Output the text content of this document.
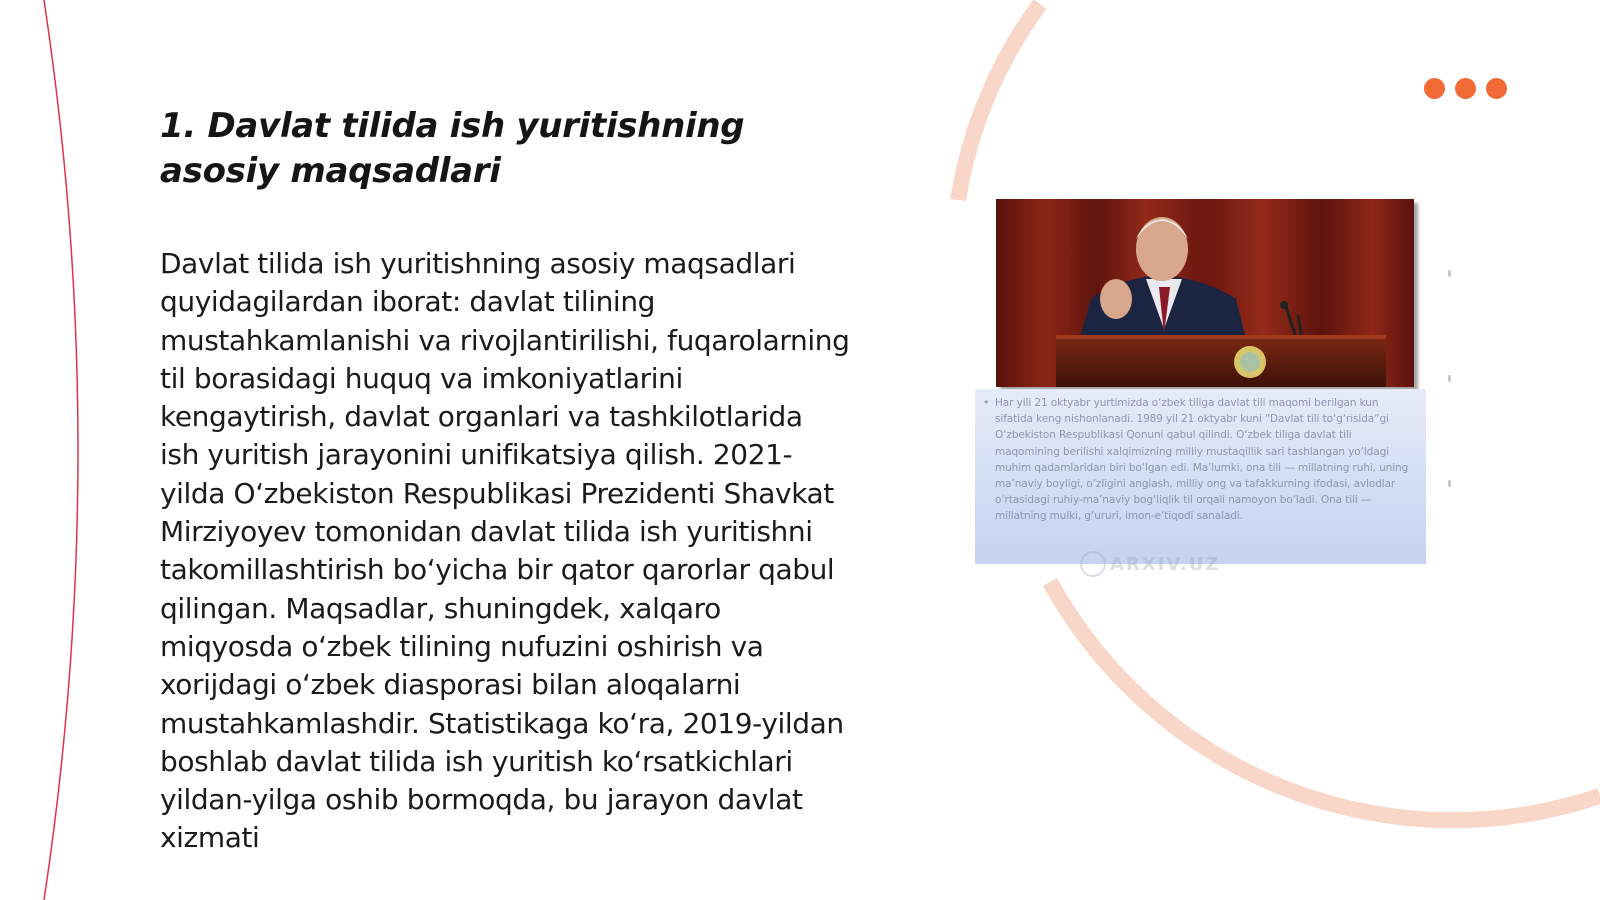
1. Davlat tilida ish yuritishning asosiy maqsadlari

Davlat tilida ish yuritishning asosiy maqsadlari quyidagilardan iborat: davlat tilining mustahkamlanishi va rivojlantirilishi, fuqarolarning til borasidagi huquq va imkoniyatlarini kengaytirish, davlat organlari va tashkilotlarida ish yuritish jarayonini unifikatsiya qilish. 2021-yilda O‘zbekiston Respublikasi Prezidenti Shavkat Mirziyoyev tomonidan davlat tilida ish yuritishni takomillashtirish bo‘yicha bir qator qarorlar qabul qilingan. Maqsadlar, shuningdek, xalqaro miqyosda o‘zbek tilining nufuzini oshirish va xorijdagi o‘zbek diasporasi bilan aloqalarni mustahkamlashdir. Statistikaga ko‘ra, 2019-yildan boshlab davlat tilida ish yuritish ko‘rsatkichlari yildan-yilga oshib bormoqda, bu jarayon davlat xizmati

• Har yili 21 oktyabr yurtimizda o‘zbek tiliga davlat tili maqomi berilgan kun sifatida keng nishonlanadi. 1989 yil 21 oktyabr kuni “Davlat tili to‘g‘risida”gi O‘zbekiston Respublikasi Qonuni qabul qilindi. O‘zbek tiliga davlat tili maqomining berilishi xalqimizning milliy mustaqillik sari tashlangan yo‘ldagi muhim qadamlaridan biri bo‘lgan edi. Ma’lumki, ona tili — millatning ruhi, uning ma’naviy boyligi, o‘zligini anglash, milliy ong va tafakkurning ifodasi, avlodlar o‘rtasidagi ruhiy-ma’naviy bog‘liqlik til orqali namoyon bo‘ladi. Ona tili — millatning mulki, g‘ururi, imon-e’tiqodi sanaladi.

ARXIV.UZ
